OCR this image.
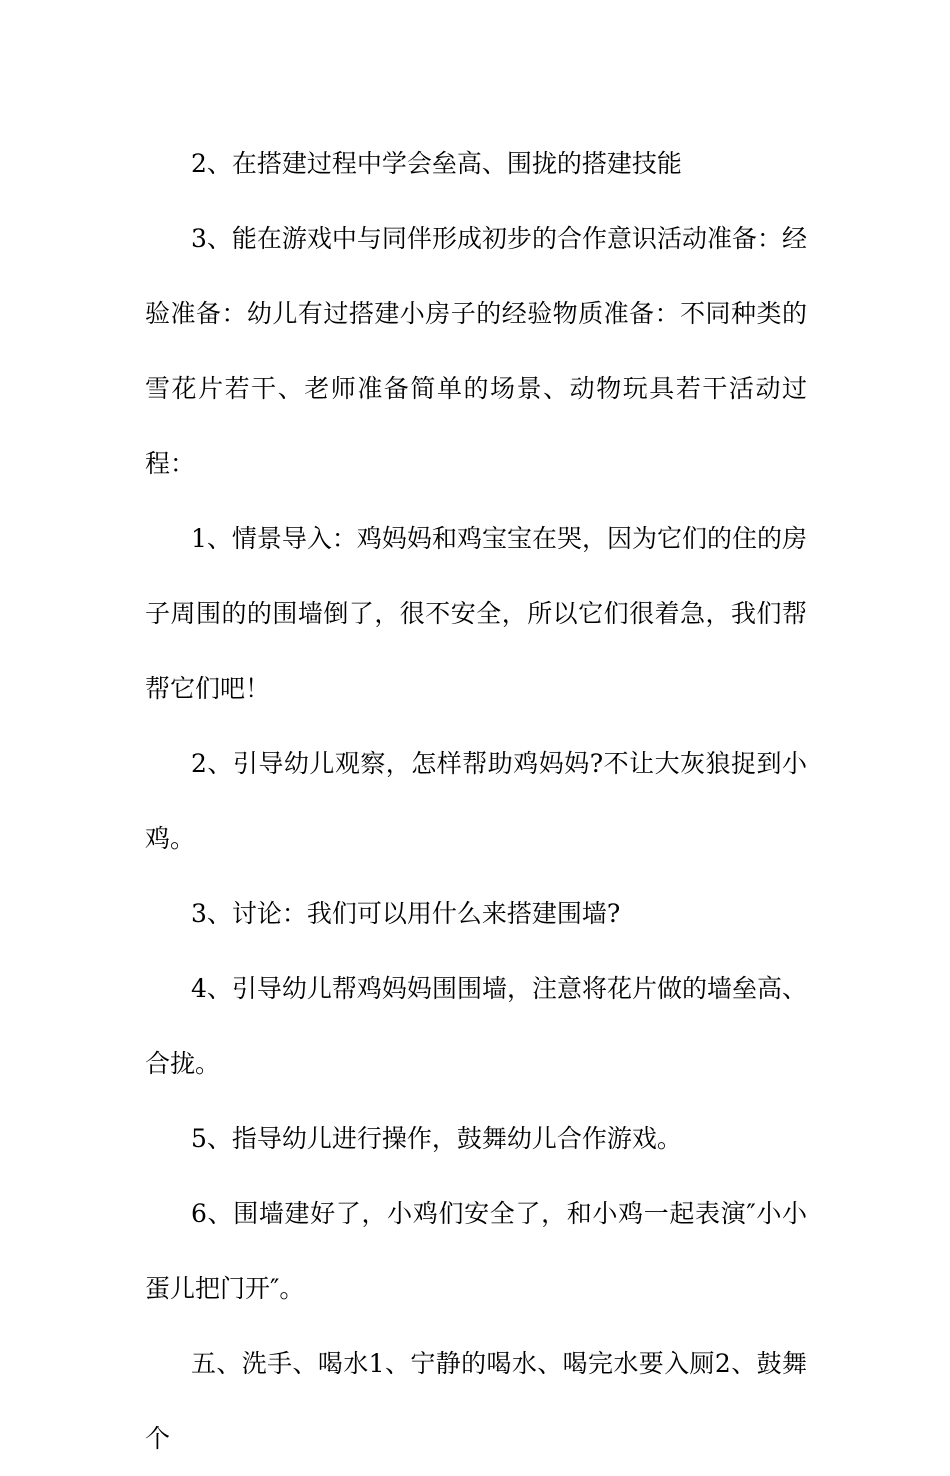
2、在搭建过程中学会垒高、围拢的搭建技能

3、能在游戏中与同伴形成初步的合作意识活动准备：经验准备：幼儿有过搭建小房子的经验物质准备：不同种类的雪花片若干、老师准备简单的场景、动物玩具若干活动过程：

1、情景导入：鸡妈妈和鸡宝宝在哭，因为它们的住的房子周围的的围墙倒了，很不安全，所以它们很着急，我们帮帮它们吧！

2、引导幼儿观察，怎样帮助鸡妈妈?不让大灰狼捉到小鸡。

3、讨论：我们可以用什么来搭建围墙?

4、引导幼儿帮鸡妈妈围围墙，注意将花片做的墙垒高、合拢。

5、指导幼儿进行操作，鼓舞幼儿合作游戏。

6、围墙建好了，小鸡们安全了，和小鸡一起表演″小小蛋儿把门开″。

五、洗手、喝水1、宁静的喝水、喝完水要入厕2、鼓舞个
